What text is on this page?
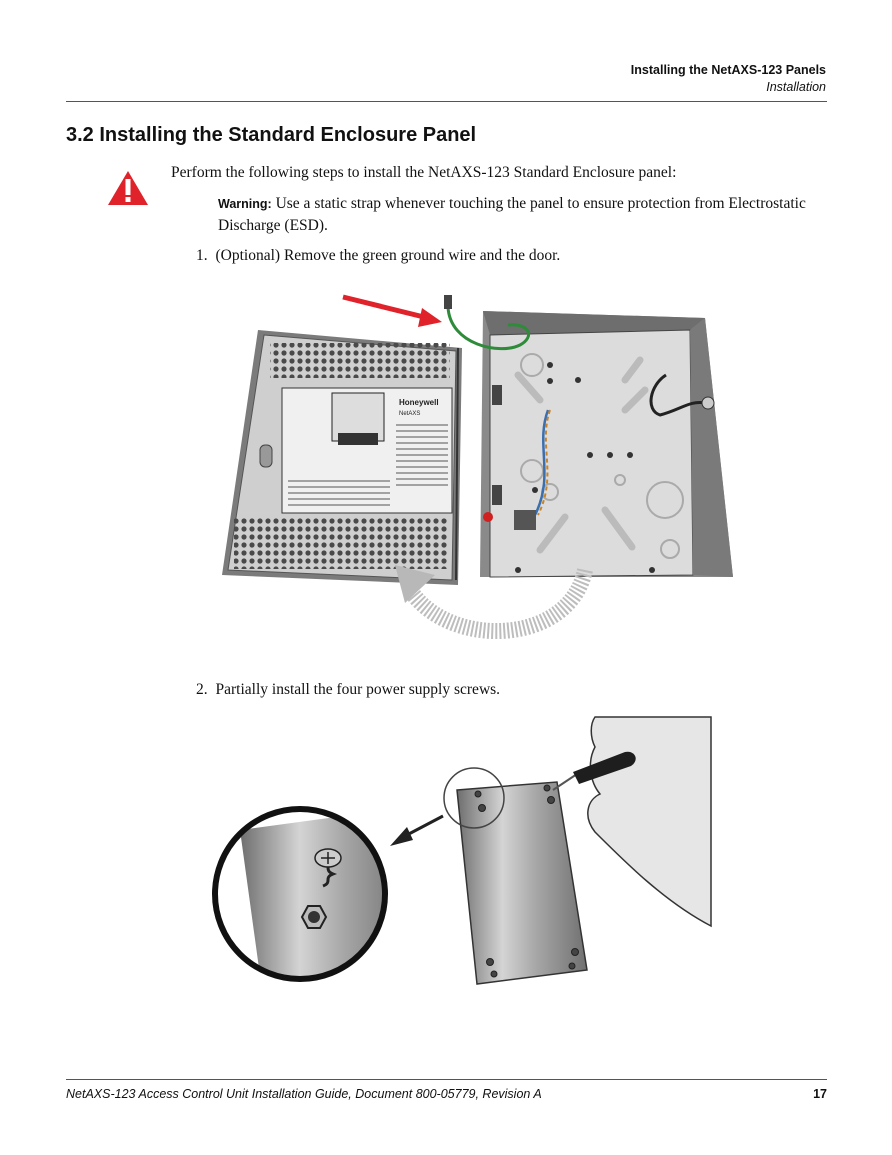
Installing the NetAXS-123 Panels
Installation
3.2 Installing the Standard Enclosure Panel
Perform the following steps to install the NetAXS-123 Standard Enclosure panel:
Warning: Use a static strap whenever touching the panel to ensure protection from Electrostatic Discharge (ESD).
1. (Optional) Remove the green ground wire and the door.
Honeywell
NetAXS
2. Partially install the four power supply screws.
NetAXS-123 Access Control Unit Installation Guide, Document 800-05779, Revision A	17
